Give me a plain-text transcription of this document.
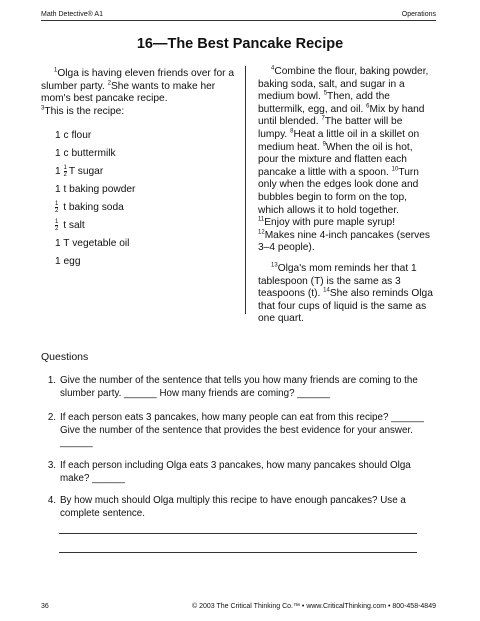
Math Detective® A1	Operations
16—The Best Pancake Recipe
$^1$Olga is having eleven friends over for a slumber party. $^2$She wants to make her mom's best pancake recipe.
$^3$This is the recipe:
1 c flour
1 c buttermilk
$1 \frac{1}{2}$ T sugar
1 t baking powder
$\frac{1}{2}$ t baking soda
$\frac{1}{2}$ t salt
1 T vegetable oil
1 egg
$^4$Combine the flour, baking powder, baking soda, salt, and sugar in a medium bowl. $^5$Then, add the buttermilk, egg, and oil. $^6$Mix by hand until blended. $^7$The batter will be lumpy. $^8$Heat a little oil in a skillet on medium heat. $^9$When the oil is hot, pour the mixture and flatten each pancake a little with a spoon. $^{10}$Turn only when the edges look done and bubbles begin to form on the top, which allows it to hold together. $^{11}$Enjoy with pure maple syrup! $^{12}$Makes nine 4-inch pancakes (serves 3–4 people).
$^{13}$Olga's mom reminds her that 1 tablespoon (T) is the same as 3 teaspoons (t). $^{14}$She also reminds Olga that four cups of liquid is the same as one quart.
Questions
1. Give the number of the sentence that tells you how many friends are coming to the slumber party. ______ How many friends are coming? ______
2. If each person eats 3 pancakes, how many people can eat from this recipe? ______ Give the number of the sentence that provides the best evidence for your answer. ______
3. If each person including Olga eats 3 pancakes, how many pancakes should Olga make? ______
4. By how much should Olga multiply this recipe to have enough pancakes? Use a complete sentence.
36	© 2003 The Critical Thinking Co.™ • www.CriticalThinking.com • 800-458-4849
